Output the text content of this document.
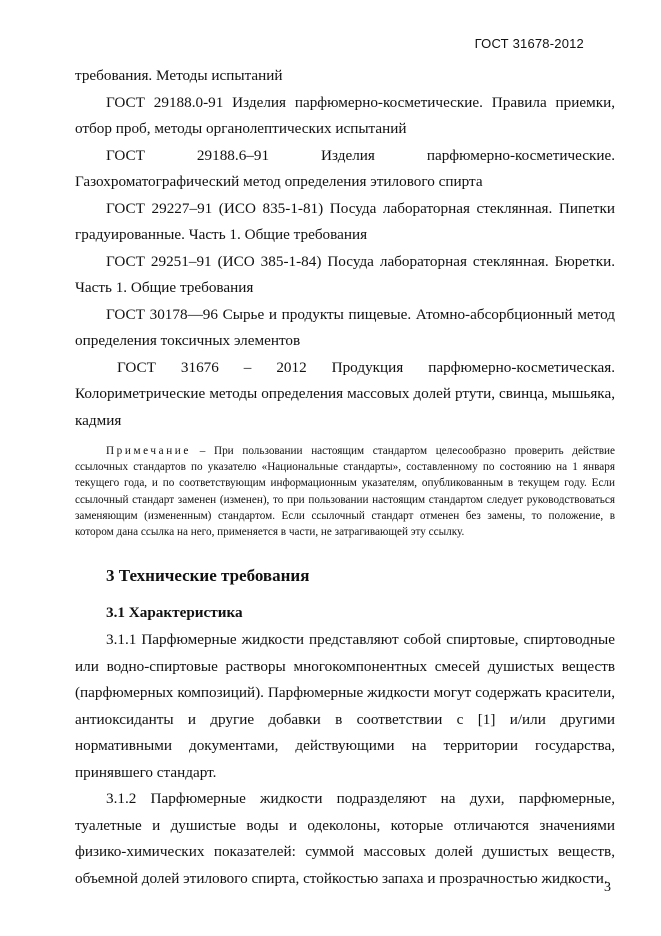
ГОСТ 31678-2012

требования. Методы испытаний

ГОСТ 29188.0-91 Изделия парфюмерно-косметические. Правила приемки, отбор проб, методы органолептических испытаний

ГОСТ 29188.6–91 Изделия парфюмерно-косметические. Газохроматографический метод определения этилового спирта

ГОСТ 29227–91 (ИСО 835-1-81) Посуда лабораторная стеклянная. Пипетки градуированные. Часть 1. Общие требования

ГОСТ 29251–91 (ИСО 385-1-84) Посуда лабораторная стеклянная. Бюретки. Часть 1. Общие требования

ГОСТ 30178—96 Сырье и продукты пищевые. Атомно-абсорбционный метод определения токсичных элементов

ГОСТ 31676 – 2012 Продукция парфюмерно-косметическая. Колориметрические методы определения массовых долей ртути, свинца, мышьяка, кадмия

Примечание – При пользовании настоящим стандартом целесообразно проверить действие ссылочных стандартов по указателю «Национальные стандарты», составленному по состоянию на 1 января текущего года, и по соответствующим информационным указателям, опубликованным в текущем году. Если ссылочный стандарт заменен (изменен), то при пользовании настоящим стандартом следует руководствоваться заменяющим (измененным) стандартом. Если ссылочный стандарт отменен без замены, то положение, в котором дана ссылка на него, применяется в части, не затрагивающей эту ссылку.

3 Технические требования
3.1 Характеристика

3.1.1 Парфюмерные жидкости представляют собой спиртовые, спиртоводные или водно-спиртовые растворы многокомпонентных смесей душистых веществ (парфюмерных композиций). Парфюмерные жидкости могут содержать красители, антиоксиданты и другие добавки в соответствии с [1] и/или другими нормативными документами, действующими на территории государства, принявшего стандарт.

3.1.2 Парфюмерные жидкости подразделяют на духи, парфюмерные, туалетные и душистые воды и одеколоны, которые отличаются значениями физико-химических показателей: суммой массовых долей душистых веществ, объемной долей этилового спирта, стойкостью запаха и прозрачностью жидкости.

3
